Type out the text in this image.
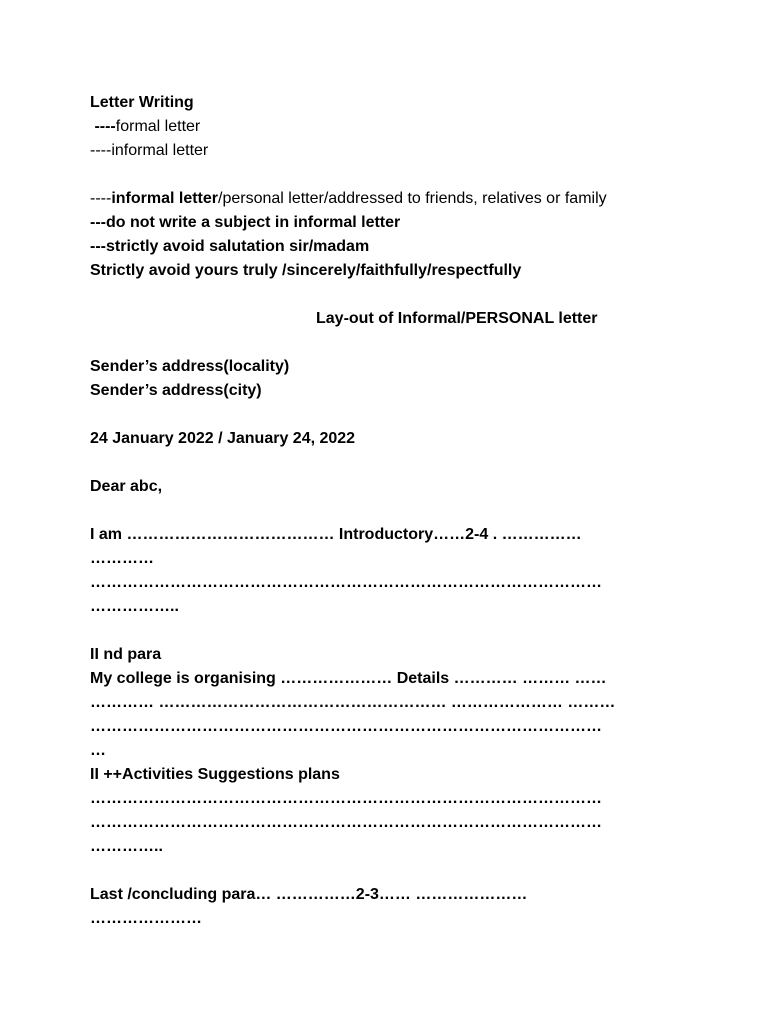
Letter Writing
----formal letter
----informal letter
----informal letter/personal letter/addressed to friends, relatives or family
---do not write a subject in informal letter
---strictly avoid salutation sir/madam
Strictly avoid yours truly /sincerely/faithfully/respectfully
Lay-out of Informal/PERSONAL letter
Sender’s address(locality)
Sender’s address(city)
24 January 2022 / January 24, 2022
Dear abc,
I am ………………………………… Introductory……2-4 . ……………
…………
……………………………………………………………………………………
……………..
II nd para
My college is organising ………………… Details ………… ……… ……
………… ……………………………………………… ………………… ………
……………………………………………………………………………………
…
II ++Activities Suggestions plans
……………………………………………………………………………………
……………………………………………………………………………………
…………..
Last /concluding para… ……………2-3…… …………………
…………………
